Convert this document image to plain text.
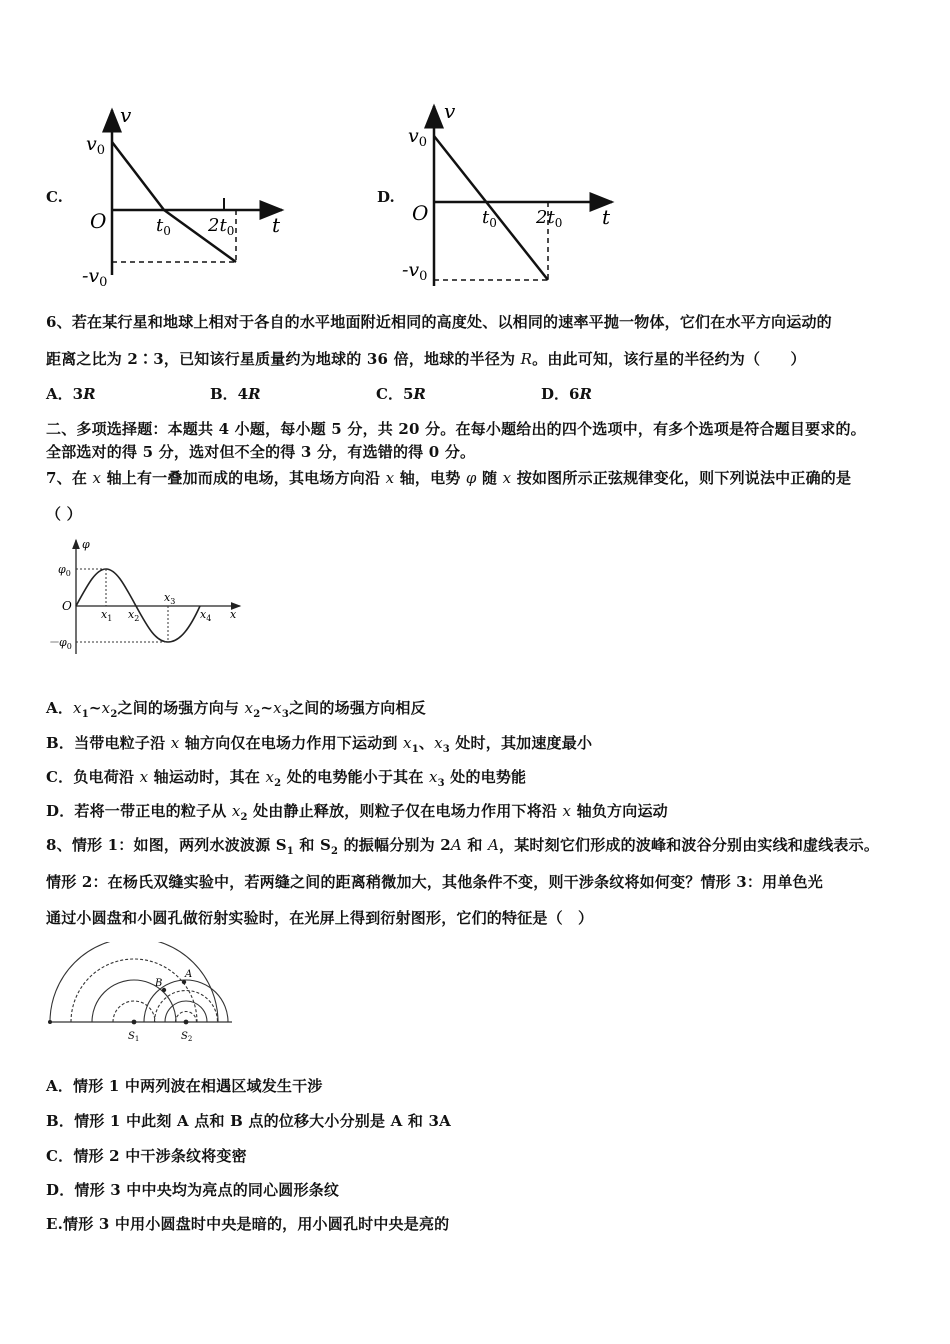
C.
v
$v_0$
O	$t_0$ $2t_0$ t
$-v_0$
D.
v
$v_0$
O	$t_0$ $2t_0$ t
$-v_0$
6、若在某行星和地球上相对于各自的水平地面附近相同的高度处、以相同的速率平抛一物体，它们在水平方向运动的
距离之比为 2∶3，已知该行星质量约为地球的 36 倍，地球的半径为 R。由此可知，该行星的半径约为（　　）
A．3R	B．4R	C．5R	D．6R
二、多项选择题：本题共 4 小题，每小题 5 分，共 20 分。在每小题给出的四个选项中，有多个选项是符合题目要求的。
全部选对的得 5 分，选对但不全的得 3 分，有选错的得 0 分。
7、在 x 轴上有一叠加而成的电场，其电场方向沿 x 轴，电势 φ 随 x 按如图所示正弦规律变化，则下列说法中正确的是
（ ）
φ
$\varphi_0$
O
$-\varphi_0$
$x_1$ $x_2$
$x_3$
$x_4$ x
A．$x_1\sim x_2$之间的场强方向与 $x_2\sim x_3$之间的场强方向相反
B．当带电粒子沿 x 轴方向仅在电场力作用下运动到 $x_1$、$x_3$ 处时，其加速度最小
C．负电荷沿 x 轴运动时，其在 $x_2$ 处的电势能小于其在 $x_3$ 处的电势能
D．若将一带正电的粒子从 $x_2$ 处由静止释放，则粒子仅在电场力作用下将沿 x 轴负方向运动
8、情形 1：如图，两列水波波源 $S_1$ 和 $S_2$ 的振幅分别为 2A 和 A，某时刻它们形成的波峰和波谷分别由实线和虚线表示。
情形 2：在杨氏双缝实验中，若两缝之间的距离稍微加大，其他条件不变，则干涉条纹将如何变？情形 3：用单色光
通过小圆盘和小圆孔做衍射实验时，在光屏上得到衍射图形，它们的特征是（　）
A
B
$S_1$	$S_2$
A．情形 1 中两列波在相遇区域发生干涉
B．情形 1 中此刻 A 点和 B 点的位移大小分别是 A 和 3A
C．情形 2 中干涉条纹将变密
D．情形 3 中中央均为亮点的同心圆形条纹
E.情形 3 中用小圆盘时中央是暗的，用小圆孔时中央是亮的
